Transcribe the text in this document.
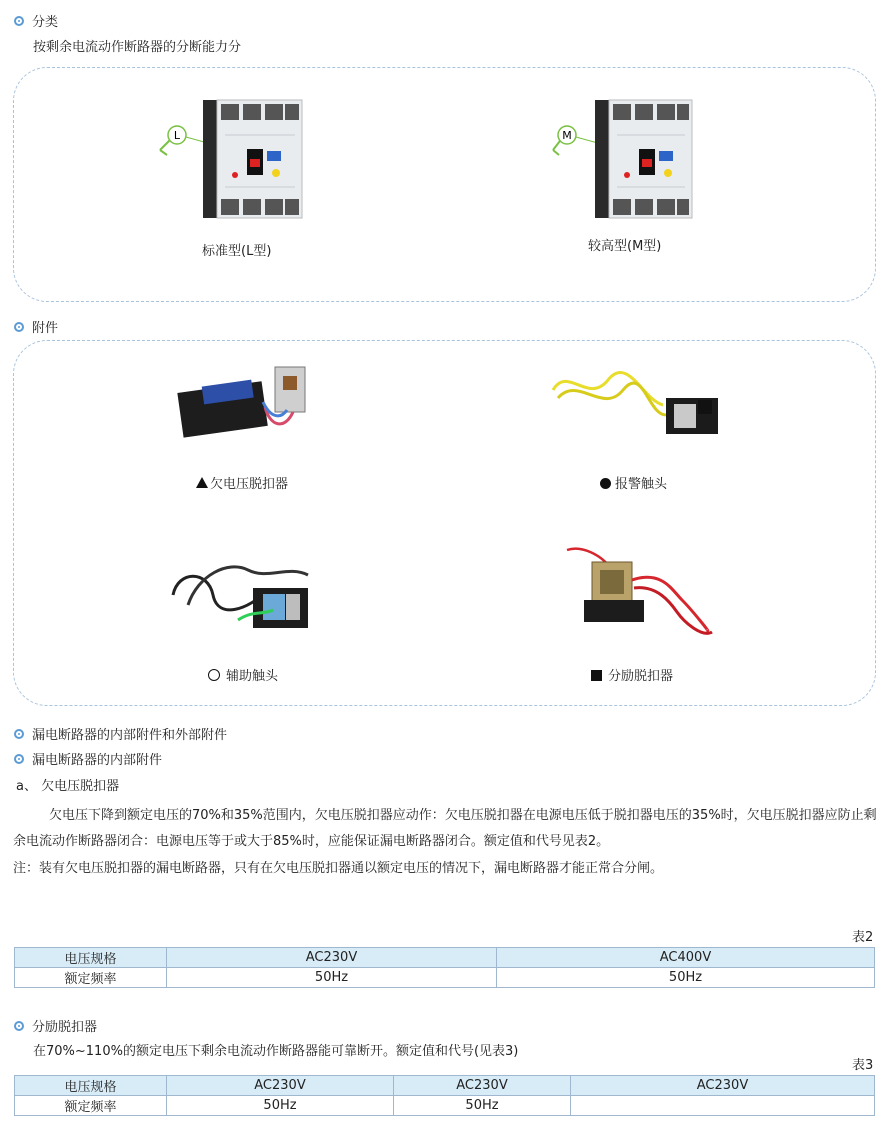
分类
按剩余电流动作断路器的分断能力分
L
标准型(L型)
M
较高型(M型)
附件
欠电压脱扣器	报警触头
辅助触头	分励脱扣器
漏电断路器的内部附件和外部附件
漏电断路器的内部附件
a、 欠电压脱扣器
欠电压下降到额定电压的70%和35%范围内，欠电压脱扣器应动作：欠电压脱扣器在电源电压低于脱扣器电压的35%时，欠电压脱扣器应防止剩余电流动作断路器闭合：电源电压等于或大于85%时，应能保证漏电断路器闭合。额定值和代号见表2。
注：装有欠电压脱扣器的漏电断路器，只有在欠电压脱扣器通以额定电压的情况下，漏电断路器才能正常合分闸。
表2
电压规格	AC230V	AC400V
额定频率	50Hz	50Hz
分励脱扣器
在70%~110%的额定电压下剩余电流动作断路器能可靠断开。额定值和代号(见表3)
表3
电压规格	AC230V	AC230V	AC230V
额定频率	50Hz	50Hz	
